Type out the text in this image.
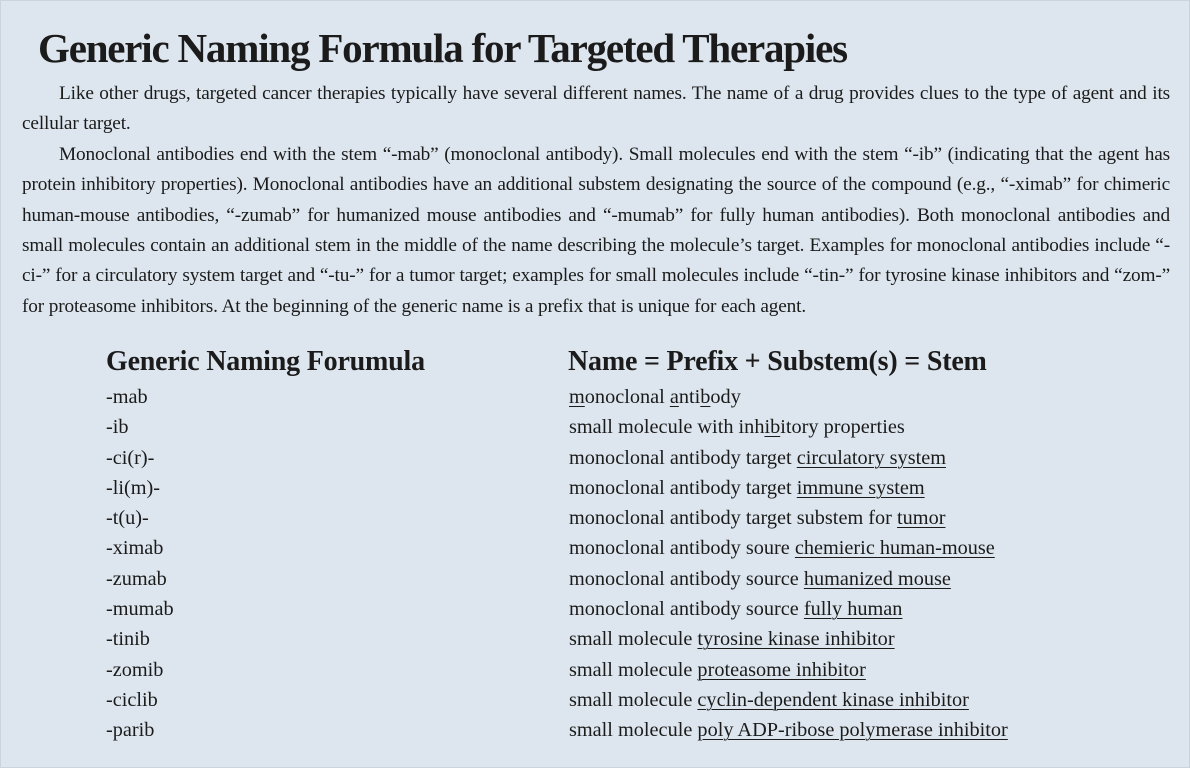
Generic Naming Formula for Targeted Therapies

Like other drugs, targeted cancer therapies typically have several different names. The name of a drug provides clues to the type of agent and its cellular target.

Monoclonal antibodies end with the stem “-mab” (monoclonal antibody). Small molecules end with the stem “-ib” (indicating that the agent has protein inhibitory properties). Monoclonal antibodies have an additional substem designating the source of the compound (e.g., “-ximab” for chimeric human-mouse antibodies, “-zumab” for humanized mouse antibodies and “-mumab” for fully human antibodies). Both monoclonal antibodies and small molecules contain an additional stem in the middle of the name describing the molecule’s target. Examples for monoclonal antibodies include “-ci-” for a circulatory system target and “-tu-” for a tumor target; examples for small molecules include “-tin-” for tyrosine kinase inhibitors and “zom-” for proteasome inhibitors. At the beginning of the generic name is a prefix that is unique for each agent.

Generic Naming Forumula	Name = Prefix + Substem(s) = Stem
-mab	monoclonal antibody
-ib	small molecule with inhibitory properties
-ci(r)-	monoclonal antibody target circulatory system
-li(m)-	monoclonal antibody target immune system
-t(u)-	monoclonal antibody target substem for tumor
-ximab	monoclonal antibody soure chemieric human-mouse
-zumab	monoclonal antibody source humanized mouse
-mumab	monoclonal antibody source fully human
-tinib	small molecule tyrosine kinase inhibitor
-zomib	small molecule proteasome inhibitor
-ciclib	small molecule cyclin-dependent kinase inhibitor
-parib	small molecule poly ADP-ribose polymerase inhibitor
